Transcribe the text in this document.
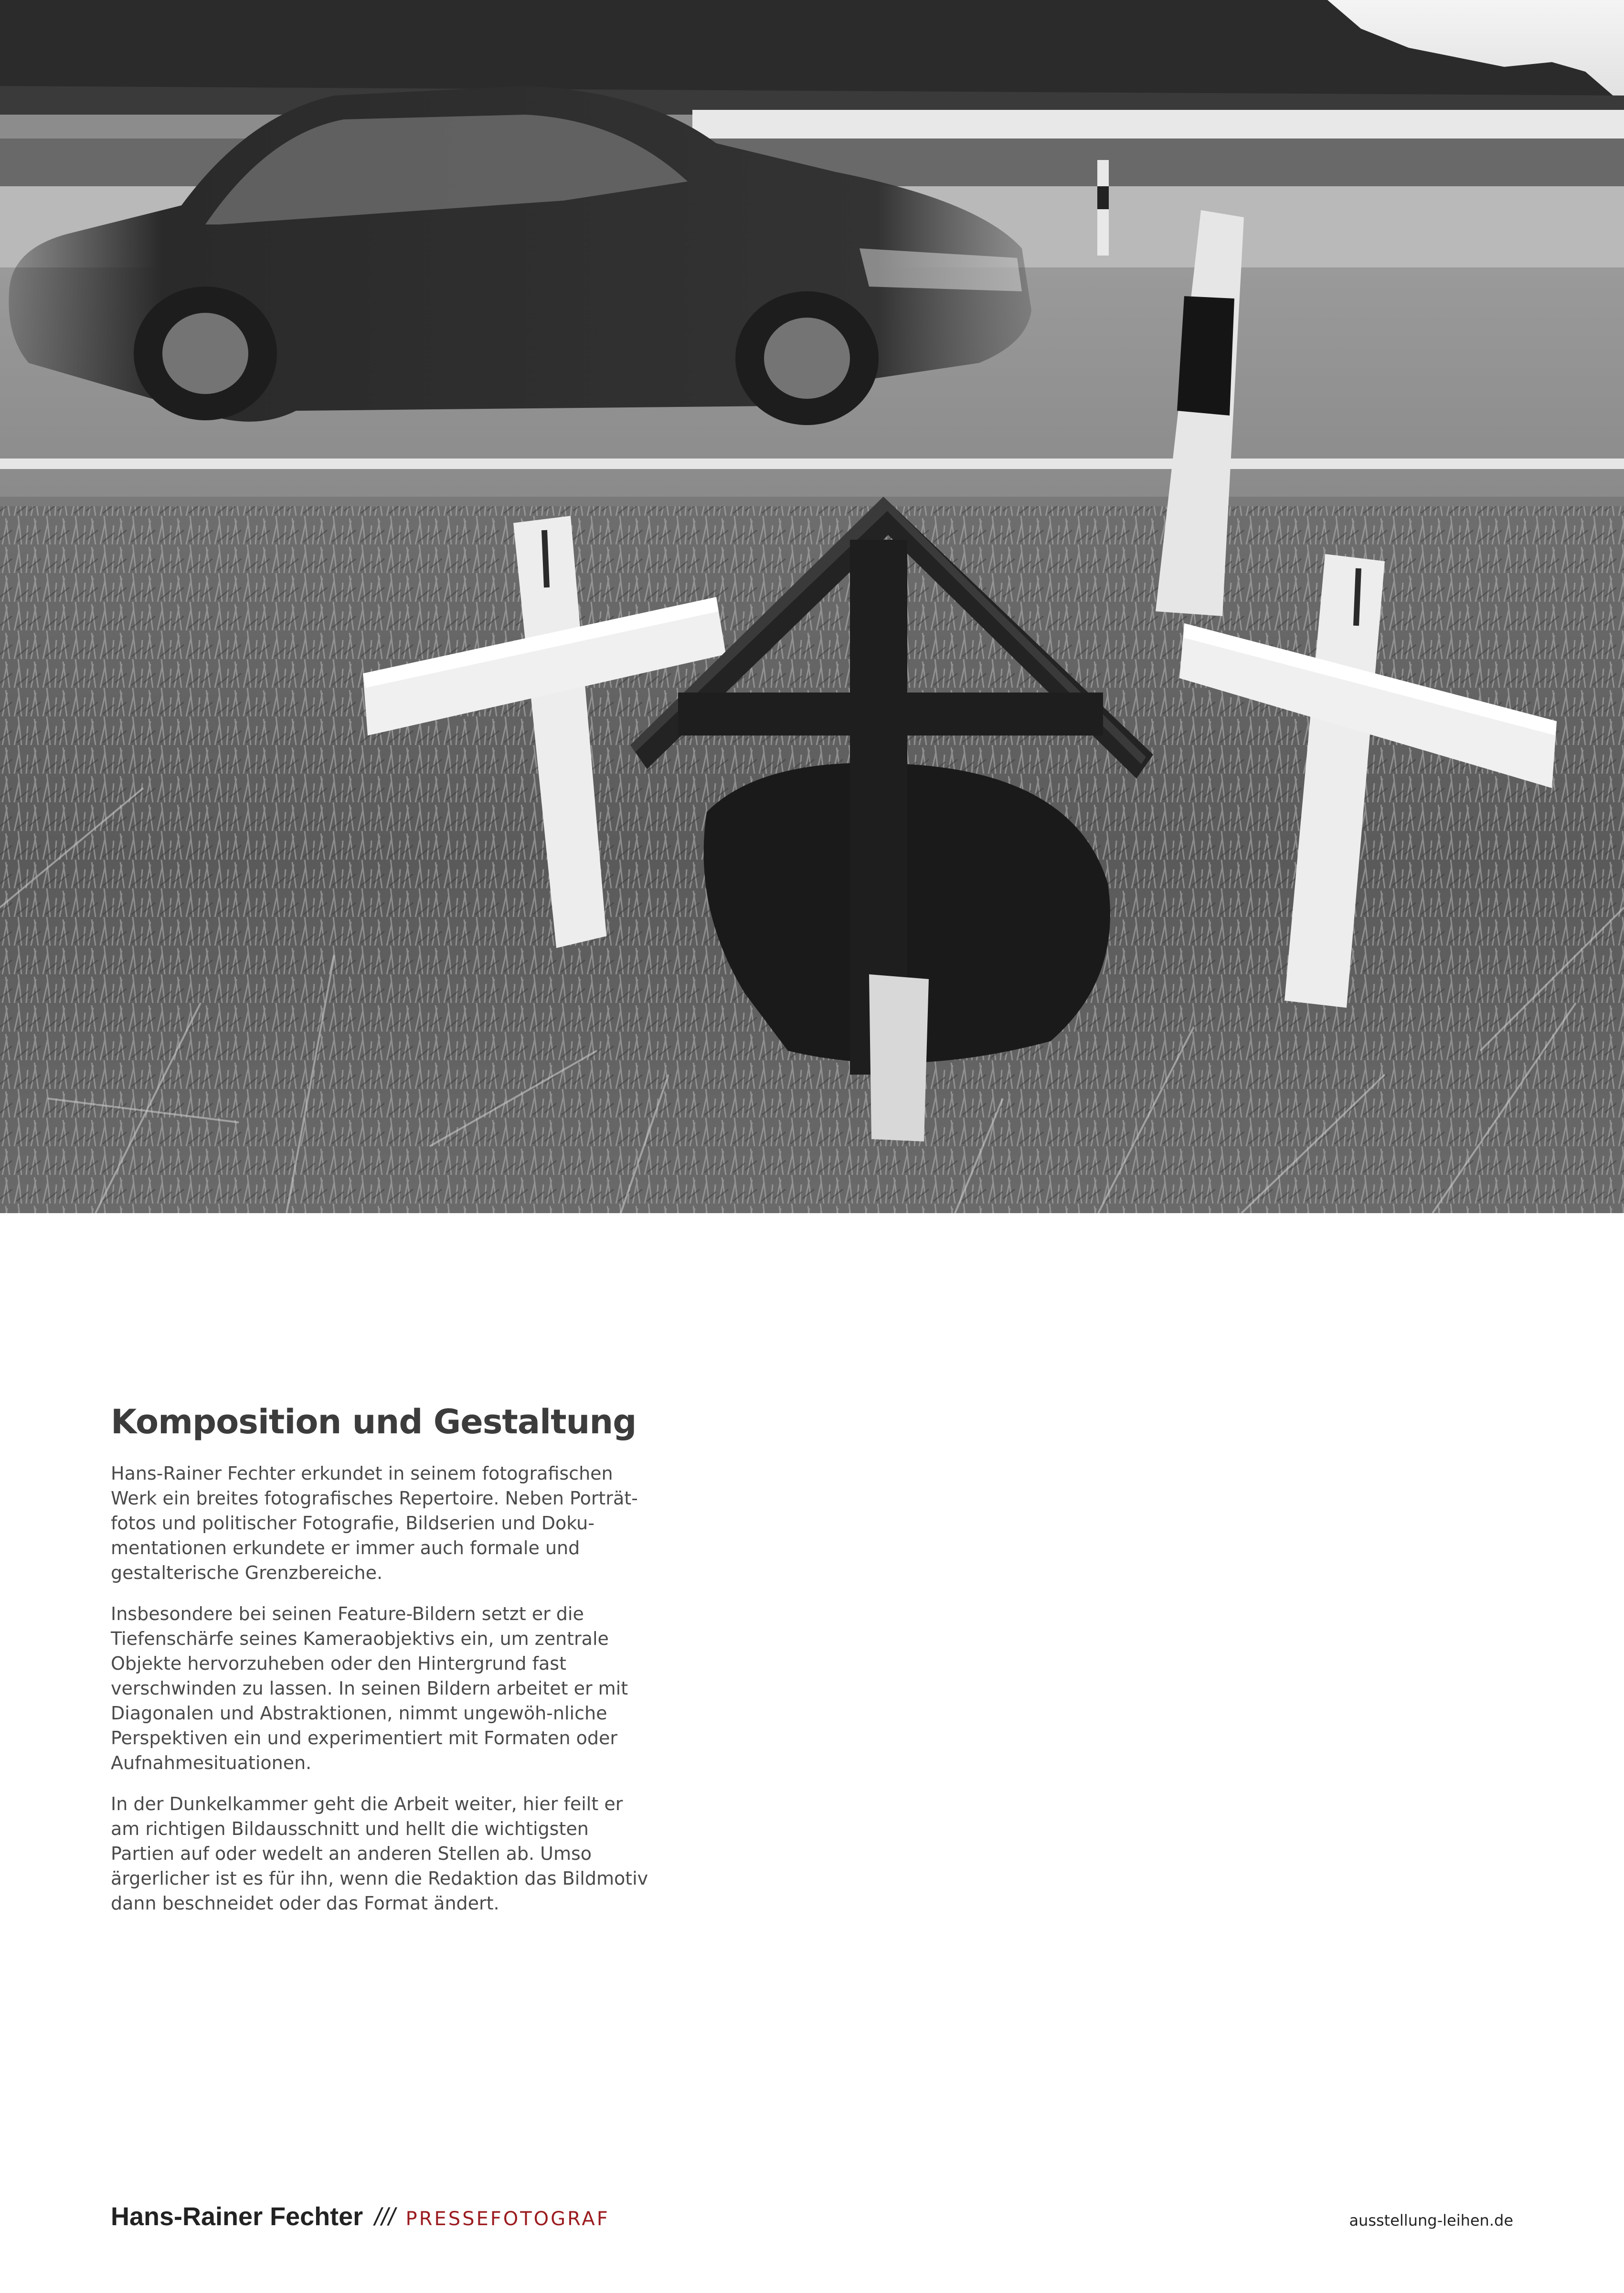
Komposition und Gestaltung

Hans-Rainer Fechter erkundet in seinem fotografischen Werk ein breites fotografisches Repertoire. Neben Porträt-fotos und politischer Fotografie, Bildserien und Doku-mentationen erkundete er immer auch formale und gestalterische Grenzbereiche.

Insbesondere bei seinen Feature-Bildern setzt er die Tiefenschärfe seines Kameraobjektivs ein, um zentrale Objekte hervorzuheben oder den Hintergrund fast verschwinden zu lassen. In seinen Bildern arbeitet er mit Diagonalen und Abstraktionen, nimmt ungewöh-nliche Perspektiven ein und experimentiert mit Formaten oder Aufnahmesituationen.

In der Dunkelkammer geht die Arbeit weiter, hier feilt er am richtigen Bildausschnitt und hellt die wichtigsten Partien auf oder wedelt an anderen Stellen ab. Umso ärgerlicher ist es für ihn, wenn die Redaktion das Bildmotiv dann beschneidet oder das Format ändert.

Hans-Rainer Fechter /// PRESSEFOTOGRAF	ausstellung-leihen.de
